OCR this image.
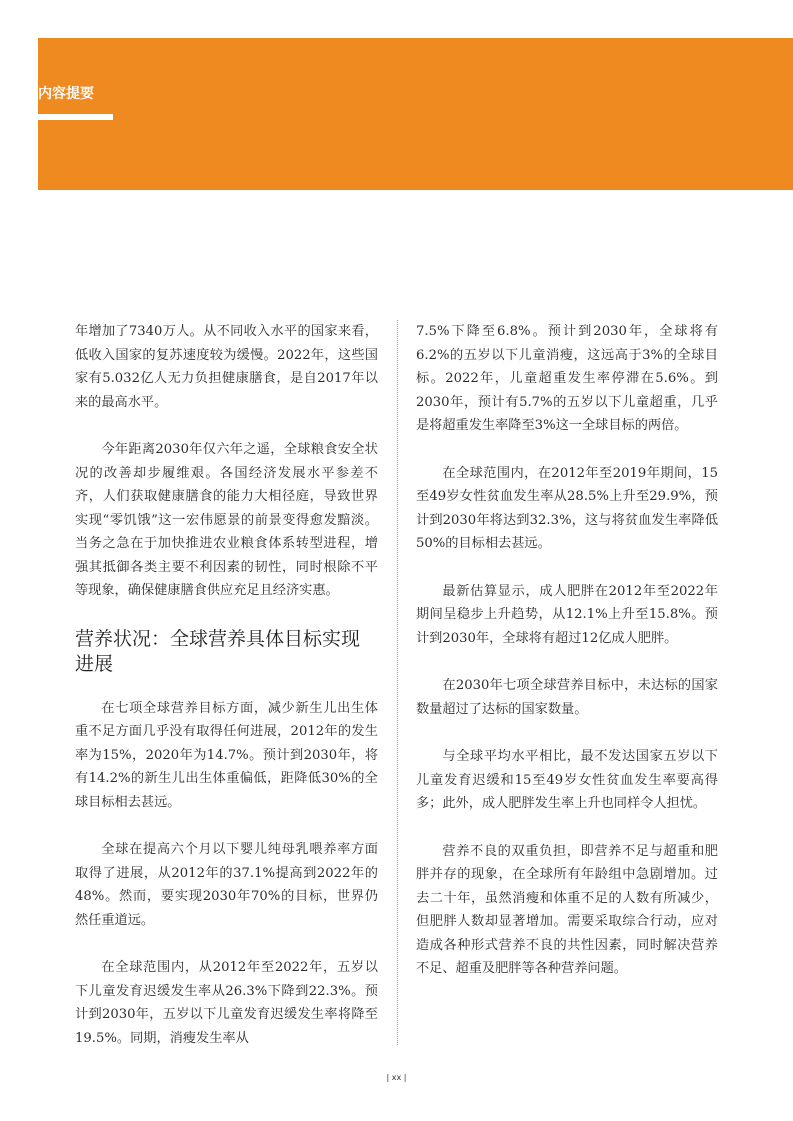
内容提要

年增加了7340万人。从不同收入水平的国家来看，低收入国家的复苏速度较为缓慢。2022年，这些国家有5.032亿人无力负担健康膳食，是自2017年以来的最高水平。

今年距离2030年仅六年之遥，全球粮食安全状况的改善却步履维艰。各国经济发展水平参差不齐，人们获取健康膳食的能力大相径庭，导致世界实现“零饥饿”这一宏伟愿景的前景变得愈发黯淡。当务之急在于加快推进农业粮食体系转型进程，增强其抵御各类主要不利因素的韧性，同时根除不平等现象，确保健康膳食供应充足且经济实惠。

营养状况：全球营养具体目标实现进展

在七项全球营养目标方面，减少新生儿出生体重不足方面几乎没有取得任何进展，2012年的发生率为15%，2020年为14.7%。预计到2030年，将有14.2%的新生儿出生体重偏低，距降低30%的全球目标相去甚远。

全球在提高六个月以下婴儿纯母乳喂养率方面取得了进展，从2012年的37.1%提高到2022年的48%。然而，要实现2030年70%的目标，世界仍然任重道远。

在全球范围内，从2012年至2022年，五岁以下儿童发育迟缓发生率从26.3%下降到22.3%。预计到2030年，五岁以下儿童发育迟缓发生率将降至19.5%。同期，消瘦发生率从

7.5%下降至6.8%。预计到2030年，全球将有6.2%的五岁以下儿童消瘦，这远高于3%的全球目标。2022年，儿童超重发生率停滞在5.6%。到2030年，预计有5.7%的五岁以下儿童超重，几乎是将超重发生率降至3%这一全球目标的两倍。

在全球范围内，在2012年至2019年期间，15至49岁女性贫血发生率从28.5%上升至29.9%，预计到2030年将达到32.3%，这与将贫血发生率降低50%的目标相去甚远。

最新估算显示，成人肥胖在2012年至2022年期间呈稳步上升趋势，从12.1%上升至15.8%。预计到2030年，全球将有超过12亿成人肥胖。

在2030年七项全球营养目标中，未达标的国家数量超过了达标的国家数量。

与全球平均水平相比，最不发达国家五岁以下儿童发育迟缓和15至49岁女性贫血发生率要高得多；此外，成人肥胖发生率上升也同样令人担忧。

营养不良的双重负担，即营养不足与超重和肥胖并存的现象，在全球所有年龄组中急剧增加。过去二十年，虽然消瘦和体重不足的人数有所减少，但肥胖人数却显著增加。需要采取综合行动，应对造成各种形式营养不良的共性因素，同时解决营养不足、超重及肥胖等各种营养问题。

| xx |
